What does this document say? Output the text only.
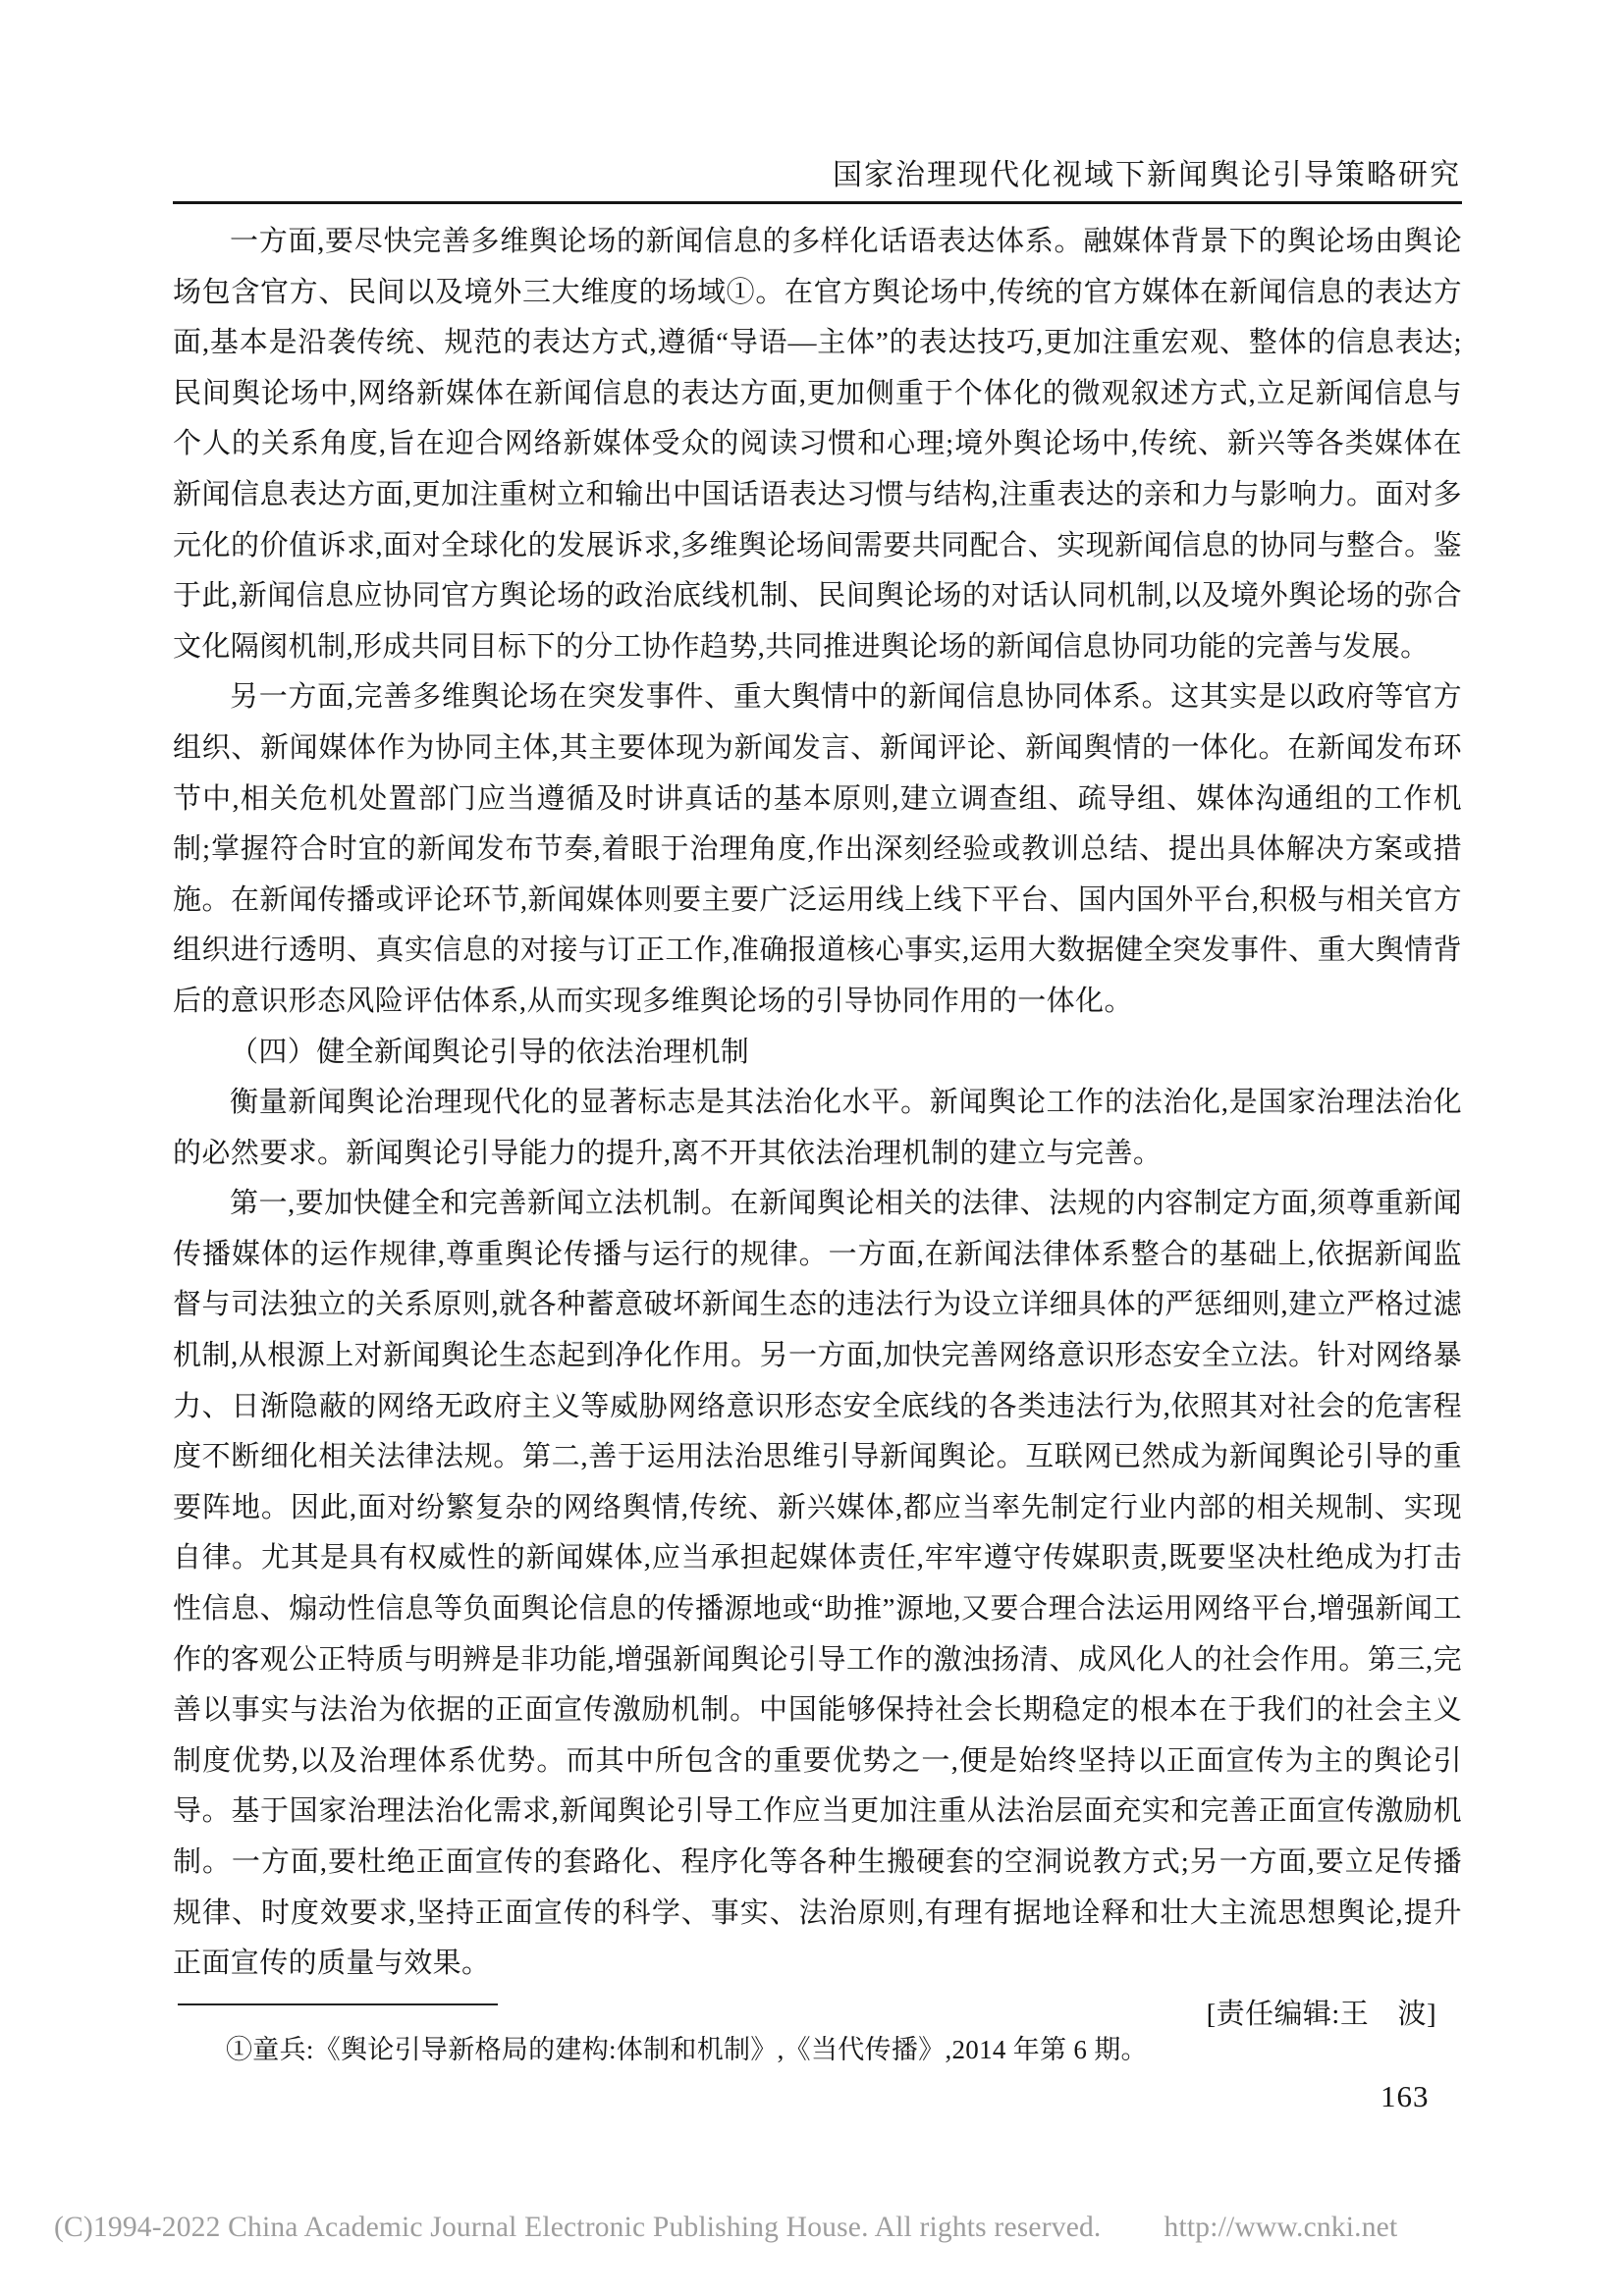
国家治理现代化视域下新闻舆论引导策略研究

一方面,要尽快完善多维舆论场的新闻信息的多样化话语表达体系。融媒体背景下的舆论场由舆论场包含官方、民间以及境外三大维度的场域①。在官方舆论场中,传统的官方媒体在新闻信息的表达方面,基本是沿袭传统、规范的表达方式,遵循“导语—主体”的表达技巧,更加注重宏观、整体的信息表达;民间舆论场中,网络新媒体在新闻信息的表达方面,更加侧重于个体化的微观叙述方式,立足新闻信息与个人的关系角度,旨在迎合网络新媒体受众的阅读习惯和心理;境外舆论场中,传统、新兴等各类媒体在新闻信息表达方面,更加注重树立和输出中国话语表达习惯与结构,注重表达的亲和力与影响力。面对多元化的价值诉求,面对全球化的发展诉求,多维舆论场间需要共同配合、实现新闻信息的协同与整合。鉴于此,新闻信息应协同官方舆论场的政治底线机制、民间舆论场的对话认同机制,以及境外舆论场的弥合文化隔阂机制,形成共同目标下的分工协作趋势,共同推进舆论场的新闻信息协同功能的完善与发展。

另一方面,完善多维舆论场在突发事件、重大舆情中的新闻信息协同体系。这其实是以政府等官方组织、新闻媒体作为协同主体,其主要体现为新闻发言、新闻评论、新闻舆情的一体化。在新闻发布环节中,相关危机处置部门应当遵循及时讲真话的基本原则,建立调查组、疏导组、媒体沟通组的工作机制;掌握符合时宜的新闻发布节奏,着眼于治理角度,作出深刻经验或教训总结、提出具体解决方案或措施。在新闻传播或评论环节,新闻媒体则要主要广泛运用线上线下平台、国内国外平台,积极与相关官方组织进行透明、真实信息的对接与订正工作,准确报道核心事实,运用大数据健全突发事件、重大舆情背后的意识形态风险评估体系,从而实现多维舆论场的引导协同作用的一体化。

（四）健全新闻舆论引导的依法治理机制

衡量新闻舆论治理现代化的显著标志是其法治化水平。新闻舆论工作的法治化,是国家治理法治化的必然要求。新闻舆论引导能力的提升,离不开其依法治理机制的建立与完善。

第一,要加快健全和完善新闻立法机制。在新闻舆论相关的法律、法规的内容制定方面,须尊重新闻传播媒体的运作规律,尊重舆论传播与运行的规律。一方面,在新闻法律体系整合的基础上,依据新闻监督与司法独立的关系原则,就各种蓄意破坏新闻生态的违法行为设立详细具体的严惩细则,建立严格过滤机制,从根源上对新闻舆论生态起到净化作用。另一方面,加快完善网络意识形态安全立法。针对网络暴力、日渐隐蔽的网络无政府主义等威胁网络意识形态安全底线的各类违法行为,依照其对社会的危害程度不断细化相关法律法规。第二,善于运用法治思维引导新闻舆论。互联网已然成为新闻舆论引导的重要阵地。因此,面对纷繁复杂的网络舆情,传统、新兴媒体,都应当率先制定行业内部的相关规制、实现自律。尤其是具有权威性的新闻媒体,应当承担起媒体责任,牢牢遵守传媒职责,既要坚决杜绝成为打击性信息、煽动性信息等负面舆论信息的传播源地或“助推”源地,又要合理合法运用网络平台,增强新闻工作的客观公正特质与明辨是非功能,增强新闻舆论引导工作的激浊扬清、成风化人的社会作用。第三,完善以事实与法治为依据的正面宣传激励机制。中国能够保持社会长期稳定的根本在于我们的社会主义制度优势,以及治理体系优势。而其中所包含的重要优势之一,便是始终坚持以正面宣传为主的舆论引导。基于国家治理法治化需求,新闻舆论引导工作应当更加注重从法治层面充实和完善正面宣传激励机制。一方面,要杜绝正面宣传的套路化、程序化等各种生搬硬套的空洞说教方式;另一方面,要立足传播规律、时度效要求,坚持正面宣传的科学、事实、法治原则,有理有据地诠释和壮大主流思想舆论,提升正面宣传的质量与效果。

[责任编辑:王　波]

①童兵:《舆论引导新格局的建构:体制和机制》,《当代传播》,2014 年第 6 期。
163
(C)1994-2022 China Academic Journal Electronic Publishing House. All rights reserved. http://www.cnki.net
